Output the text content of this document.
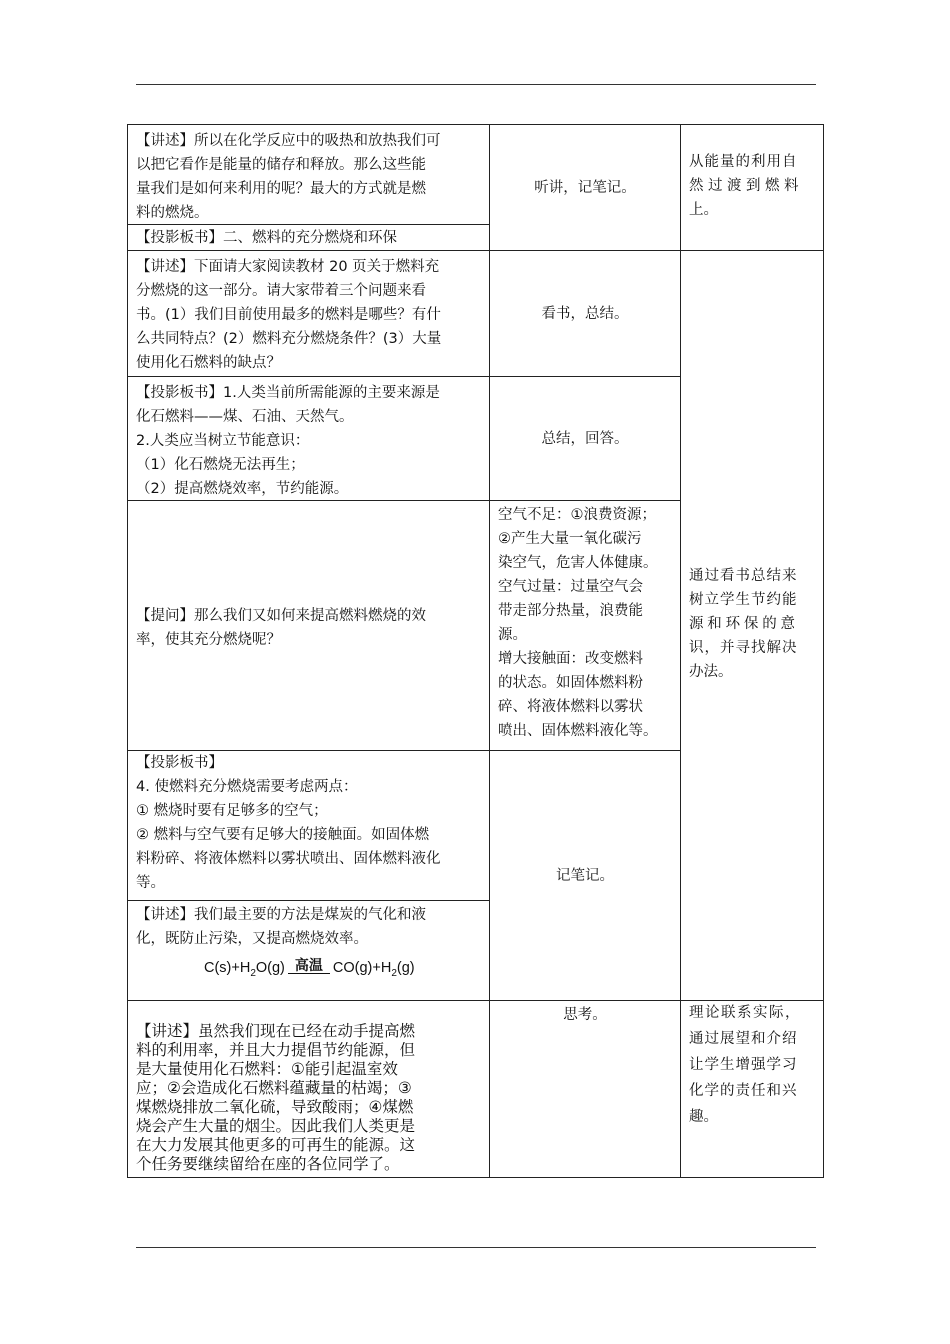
【讲述】所以在化学反应中的吸热和放热我们可
以把它看作是能量的储存和释放。那么这些能
量我们是如何来利用的呢？最大的方式就是燃
料的燃烧。
【投影板书】二、燃料的充分燃烧和环保
听讲，记笔记。
从能量的利用自
然过渡到燃料
上。
【讲述】下面请大家阅读教材 20 页关于燃料充
分燃烧的这一部分。请大家带着三个问题来看
书。(1）我们目前使用最多的燃料是哪些？有什
么共同特点？(2）燃料充分燃烧条件？(3）大量
使用化石燃料的缺点？
看书，总结。
【投影板书】1.人类当前所需能源的主要来源是
化石燃料——煤、石油、天然气。
2.人类应当树立节能意识：
（1）化石燃烧无法再生；
（2）提高燃烧效率，节约能源。
总结，回答。
通过看书总结来
树立学生节约能
源和环保的意
识，并寻找解决
办法。
【提问】那么我们又如何来提高燃料燃烧的效
率，使其充分燃烧呢？
空气不足：①浪费资源；
②产生大量一氧化碳污
染空气，危害人体健康。
空气过量：过量空气会
带走部分热量，浪费能
源。
增大接触面：改变燃料
的状态。如固体燃料粉
碎、将液体燃料以雾状
喷出、固体燃料液化等。
【投影板书】
4. 使燃料充分燃烧需要考虑两点：
① 燃烧时要有足够多的空气；
② 燃料与空气要有足够大的接触面。如固体燃
料粉碎、将液体燃料以雾状喷出、固体燃料液化
等。
【讲述】我们最主要的方法是煤炭的气化和液
化，既防止污染，又提高燃烧效率。
$C(s)+H_2O(g)$ 高温 $CO(g)+H_2(g)$
记笔记。
【讲述】虽然我们现在已经在动手提高燃
料的利用率，并且大力提倡节约能源，但
是大量使用化石燃料：①能引起温室效
应；②会造成化石燃料蕴藏量的枯竭；③
煤燃烧排放二氧化硫，导致酸雨；④煤燃
烧会产生大量的烟尘。因此我们人类更是
在大力发展其他更多的可再生的能源。这
个任务要继续留给在座的各位同学了。
思考。	理论联系实际，
通过展望和介绍
让学生增强学习
化学的责任和兴
趣。
